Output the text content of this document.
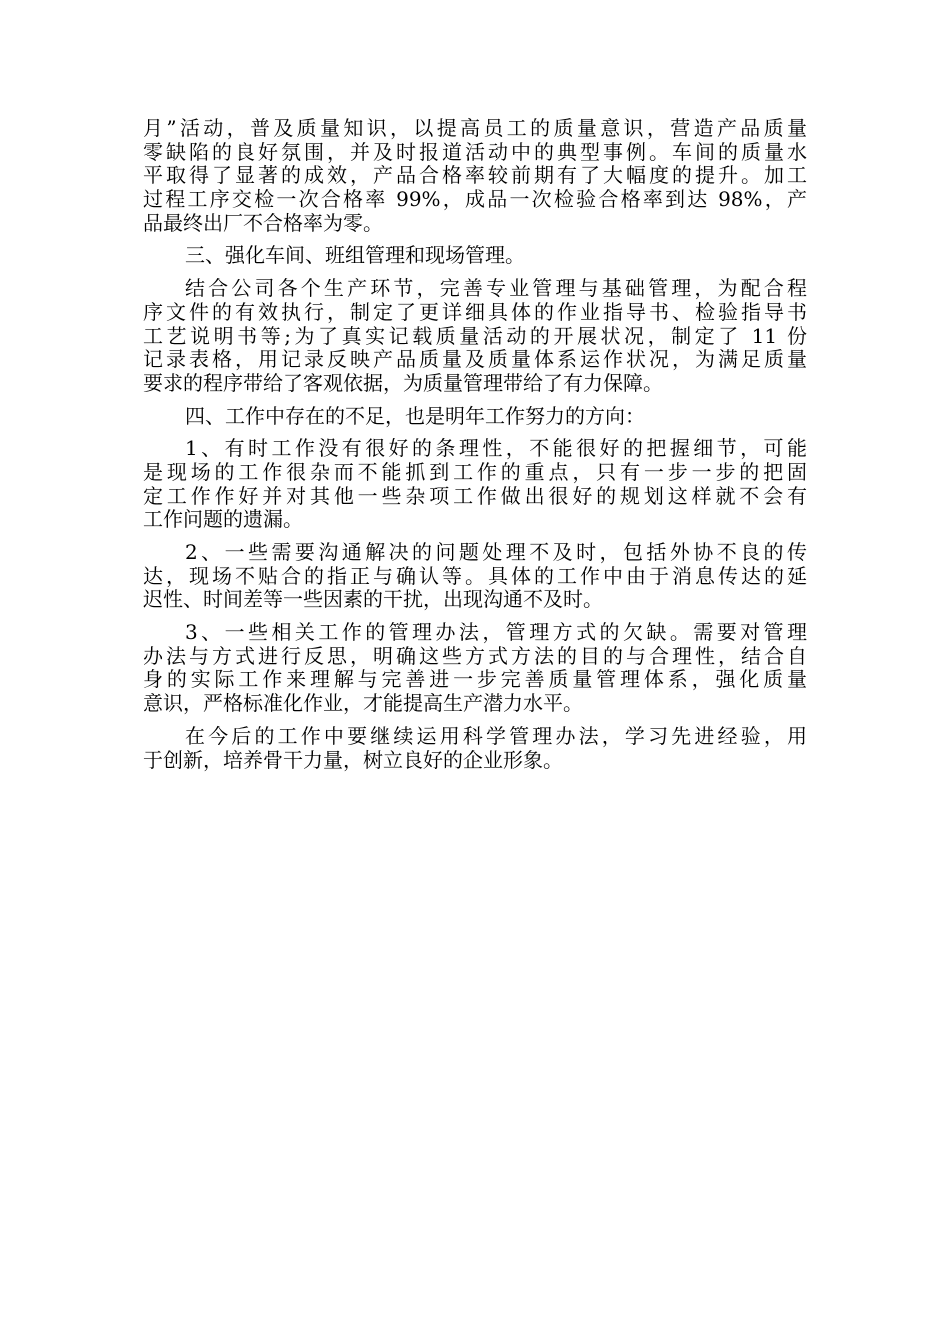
月”活动，普及质量知识，以提高员工的质量意识，营造产品质量
零缺陷的良好氛围，并及时报道活动中的典型事例。车间的质量水
平取得了显著的成效，产品合格率较前期有了大幅度的提升。加工
过程工序交检一次合格率 99%，成品一次检验合格率到达 98%，产
品最终出厂不合格率为零。
三、强化车间、班组管理和现场管理。
结合公司各个生产环节，完善专业管理与基础管理，为配合程
序文件的有效执行，制定了更详细具体的作业指导书、检验指导书
工艺说明书等;为了真实记载质量活动的开展状况，制定了 11 份
记录表格，用记录反映产品质量及质量体系运作状况，为满足质量
要求的程序带给了客观依据，为质量管理带给了有力保障。
四、工作中存在的不足，也是明年工作努力的方向：
1、有时工作没有很好的条理性，不能很好的把握细节，可能
是现场的工作很杂而不能抓到工作的重点，只有一步一步的把固
定工作作好并对其他一些杂项工作做出很好的规划这样就不会有
工作问题的遗漏。
2、一些需要沟通解决的问题处理不及时，包括外协不良的传
达，现场不贴合的指正与确认等。具体的工作中由于消息传达的延
迟性、时间差等一些因素的干扰，出现沟通不及时。
3、一些相关工作的管理办法，管理方式的欠缺。需要对管理
办法与方式进行反思，明确这些方式方法的目的与合理性，结合自
身的实际工作来理解与完善进一步完善质量管理体系，强化质量
意识，严格标准化作业，才能提高生产潜力水平。
在今后的工作中要继续运用科学管理办法，学习先进经验，用
于创新，培养骨干力量，树立良好的企业形象。
